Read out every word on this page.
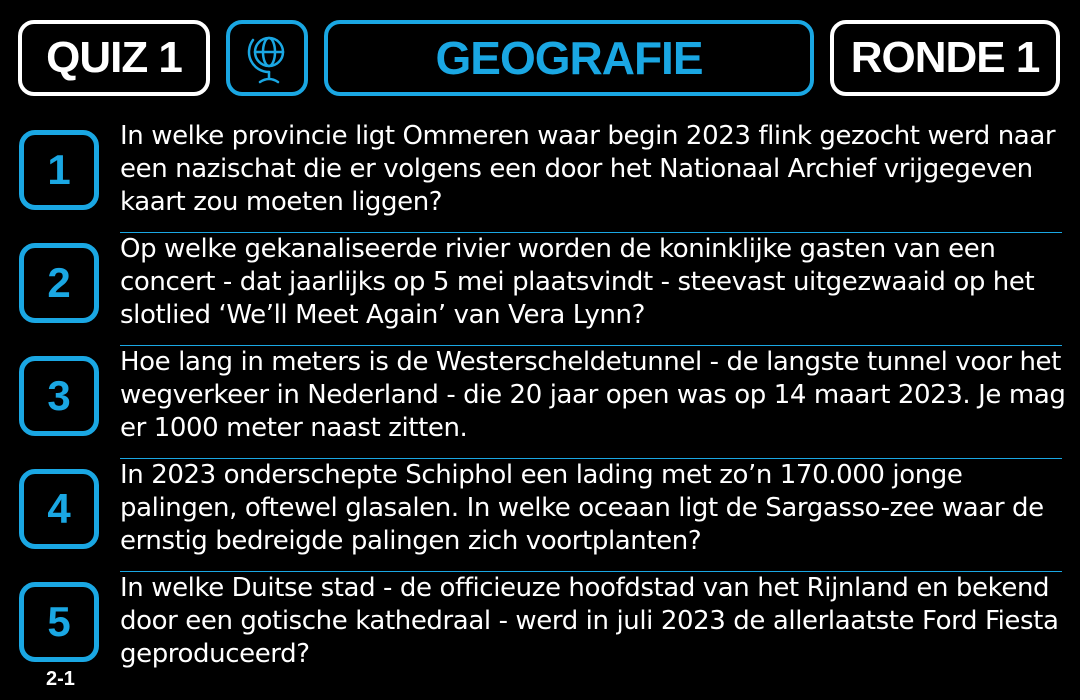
QUIZ 1	GEOGRAFIE	RONDE 1
1
In welke provincie ligt Ommeren waar begin 2023 flink gezocht werd naar een nazischat die er volgens een door het Nationaal Archief vrijgegeven kaart zou moeten liggen?
2
Op welke gekanaliseerde rivier worden de koninklijke gasten van een concert - dat jaarlijks op 5 mei plaatsvindt - steevast uitgezwaaid op het slotlied ‘We’ll Meet Again’ van Vera Lynn?
3
Hoe lang in meters is de Westerscheldetunnel - de langste tunnel voor het wegverkeer in Nederland - die 20 jaar open was op 14 maart 2023. Je mag er 1000 meter naast zitten.
4
In 2023 onderschepte Schiphol een lading met zo’n 170.000 jonge palingen, oftewel glasalen. In welke oceaan ligt de Sargasso-zee waar de ernstig bedreigde palingen zich voortplanten?
5
In welke Duitse stad - de officieuze hoofdstad van het Rijnland en bekend door een gotische kathedraal - werd in juli 2023 de allerlaatste Ford Fiesta geproduceerd?
2-1
